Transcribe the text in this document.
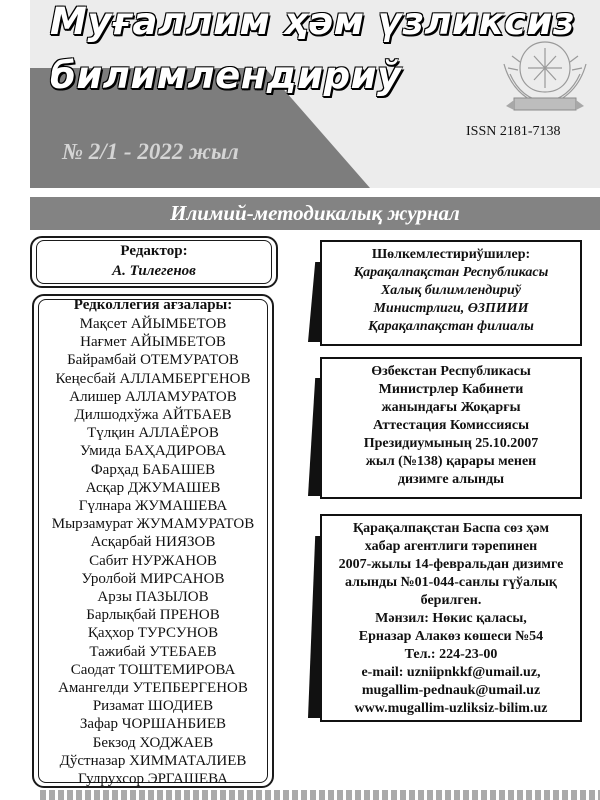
Муғаллим ҳәм үзликсиз
билимлендириў
№ 2/1 - 2022 жыл
ISSN 2181-7138
Илимий-методикалық журнал
Редактор:
А. Тилегенов
Редколлегия ағзалары:
Мақсет АЙЫМБЕТОВ
Нағмет АЙЫМБЕТОВ
Байрамбай ОТЕМУРАТОВ
Кеңесбай АЛЛАМБЕРГЕНОВ
Алишер АЛЛАМУРАТОВ
Дилшодхўжа АЙТБАЕВ
Түлқин АЛЛАЁРОВ
Умида БАҲАДИРОВА
Фарҳад БАБАШЕВ
Асқар ДЖУМАШЕВ
Гүлнара ЖУМАШЕВА
Мырзамурат ЖУМАМУРАТОВ
Асқарбай НИЯЗОВ
Сабит НУРЖАНОВ
Уролбой МИРСАНОВ
Арзы ПАЗЫЛОВ
Барлықбай ПРЕНОВ
Қаҳхор ТУРСУНОВ
Тажибай УТЕБАЕВ
Саодат ТОШТЕМИРОВА
Амангелди УТЕПБЕРГЕНОВ
Ризамат ШОДИЕВ
Зафар ЧОРШАНБИЕВ
Бекзод ХОДЖАЕВ
Дўстназар ХИММАТАЛИЕВ
Гулрухсор ЭРГАШЕВА

Шөлкемлестириўшилер:

Қарақалпақстан Республикасы

Халық билимлендириў

Министрлиги, ӨЗПИИИ

Қарақалпақстан филиалы

Өзбекстан Республикасы

Министрлер Кабинети

жанындағы Жоқарғы

Аттестация Комиссиясы

Президиумының 25.10.2007

жыл (№138) қарары менен

дизимге алынды

Қарақалпақстан Баспа сөз ҳәм

хабар агентлиги тәрепинен

2007-жылы 14-февральдан дизимге

алынды №01-044-санлы гүўалық

берилген.

Мәнзил: Нөкис қаласы,

Ерназар Алакөз көшеси №54

Тел.: 224-23-00

e-mail: uzniipnkkf@umail.uz,

mugallim-pednauk@umail.uz

www.mugallim-uzliksiz-bilim.uz
